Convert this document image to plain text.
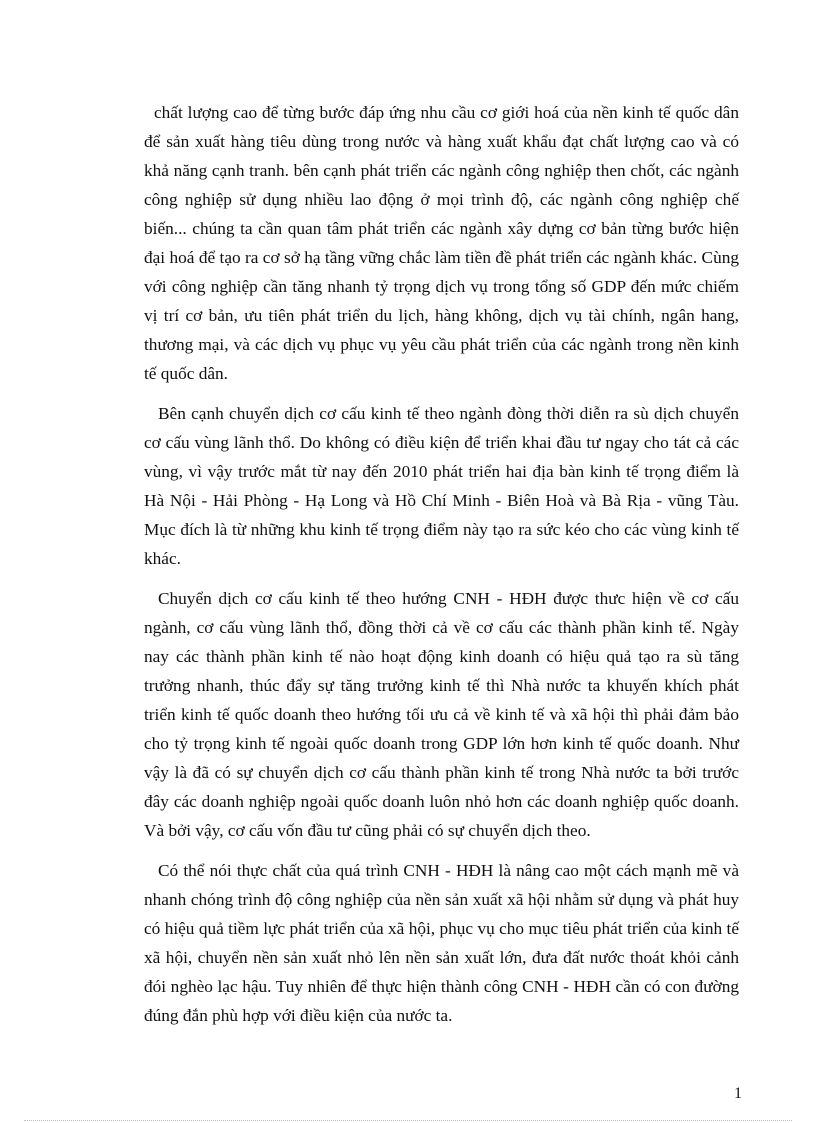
chất lượng cao để từng bước đáp ứng nhu cầu cơ giới hoá của nền kinh tế quốc dân để sản xuất hàng tiêu dùng trong nước và hàng xuất khẩu đạt chất lượng cao và có khả năng cạnh tranh. bên cạnh phát triển các ngành công nghiệp then chốt, các ngành công nghiệp sử dụng nhiều lao động ở mọi trình độ, các ngành công nghiệp chế biến... chúng ta cần quan tâm phát triển các ngành xây dựng cơ bản từng bước hiện đại hoá để tạo ra cơ sở hạ tầng vững chắc làm tiền đề phát triển các ngành khác. Cùng với công nghiệp cần tăng nhanh tỷ trọng dịch vụ trong tổng số GDP đến mức chiếm vị trí cơ bản, ưu tiên phát triển du lịch, hàng không, dịch vụ tài chính, ngân hang, thương mại, và các dịch vụ phục vụ yêu cầu phát triển của các ngành trong nền kinh tế quốc dân.

Bên cạnh chuyển dịch cơ cấu kinh tế theo ngành đòng thời diễn ra sù dịch chuyển cơ cấu vùng lãnh thổ. Do không có điều kiện để triển khai đầu tư ngay cho tát cả các vùng, vì vậy trước mắt từ nay đến 2010 phát triển hai địa bàn kinh tế trọng điểm là Hà Nội - Hải Phòng - Hạ Long và Hồ Chí Minh - Biên Hoà và Bà Rịa - vũng Tàu. Mục đích là từ những khu kinh tế trọng điểm này tạo ra sức kéo cho các vùng kinh tế khác.

Chuyển dịch cơ cấu kinh tế theo hướng CNH - HĐH được thưc hiện về cơ cấu ngành, cơ cấu vùng lãnh thổ, đồng thời cả về cơ cấu các thành phần kinh tế. Ngày nay các thành phần kinh tế nào hoạt động kinh doanh có hiệu quả tạo ra sù tăng trưởng nhanh, thúc đẩy sự tăng trưởng kinh tế thì Nhà nước ta khuyến khích phát triển kinh tế quốc doanh theo hướng tối ưu cả về kinh tế và xã hội thì phải đảm bảo cho tỷ trọng kinh tế ngoài quốc doanh trong GDP lớn hơn kinh tế quốc doanh. Như vậy là đã có sự chuyển dịch cơ cấu thành phần kinh tế trong Nhà nước ta bởi trước đây các doanh nghiệp ngoài quốc doanh luôn nhỏ hơn các doanh nghiệp quốc doanh. Và bởi vậy, cơ cấu vốn đầu tư cũng phải có sự chuyển dịch theo.

Có thể nói thực chất của quá trình CNH - HĐH là nâng cao một cách mạnh mẽ và nhanh chóng trình độ công nghiệp của nền sản xuất xã hội nhằm sử dụng và phát huy có hiệu quả tiềm lực phát triển của xã hội, phục vụ cho mục tiêu phát triển của kinh tế xã hội, chuyển nền sản xuất nhỏ lên nền sản xuất lớn, đưa đất nước thoát khỏi cảnh đói nghèo lạc hậu. Tuy nhiên để thực hiện thành công CNH - HĐH cần có con đường đúng đắn phù hợp với điều kiện của nước ta.

1
